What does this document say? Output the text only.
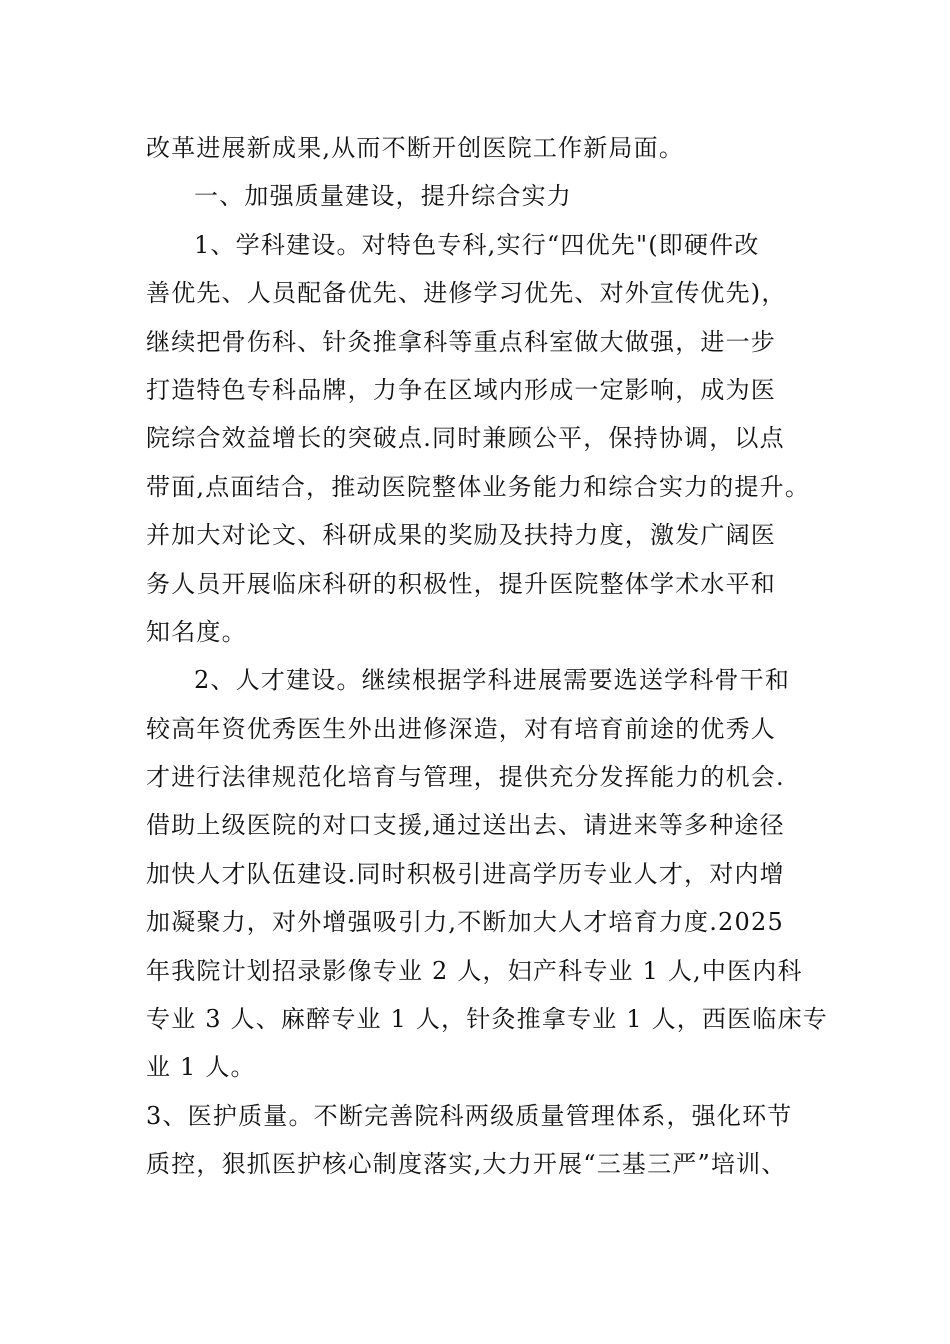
改革进展新成果,从而不断开创医院工作新局面。
一、加强质量建设，提升综合实力
1、学科建设。对特色专科,实行“四优先"(即硬件改
善优先、人员配备优先、进修学习优先、对外宣传优先)，
继续把骨伤科、针灸推拿科等重点科室做大做强，进一步
打造特色专科品牌，力争在区域内形成一定影响，成为医
院综合效益增长的突破点.同时兼顾公平，保持协调，以点
带面,点面结合，推动医院整体业务能力和综合实力的提升。
并加大对论文、科研成果的奖励及扶持力度，激发广阔医
务人员开展临床科研的积极性，提升医院整体学术水平和
知名度。
2、人才建设。继续根据学科进展需要选送学科骨干和
较高年资优秀医生外出进修深造，对有培育前途的优秀人
才进行法律规范化培育与管理，提供充分发挥能力的机会.
借助上级医院的对口支援,通过送出去、请进来等多种途径
加快人才队伍建设.同时积极引进高学历专业人才，对内增
加凝聚力，对外增强吸引力,不断加大人才培育力度.2025
年我院计划招录影像专业 2 人，妇产科专业 1 人,中医内科
专业 3 人、麻醉专业 1 人，针灸推拿专业 1 人，西医临床专
业 1 人。
3、医护质量。不断完善院科两级质量管理体系，强化环节
质控，狠抓医护核心制度落实,大力开展“三基三严”培训、
